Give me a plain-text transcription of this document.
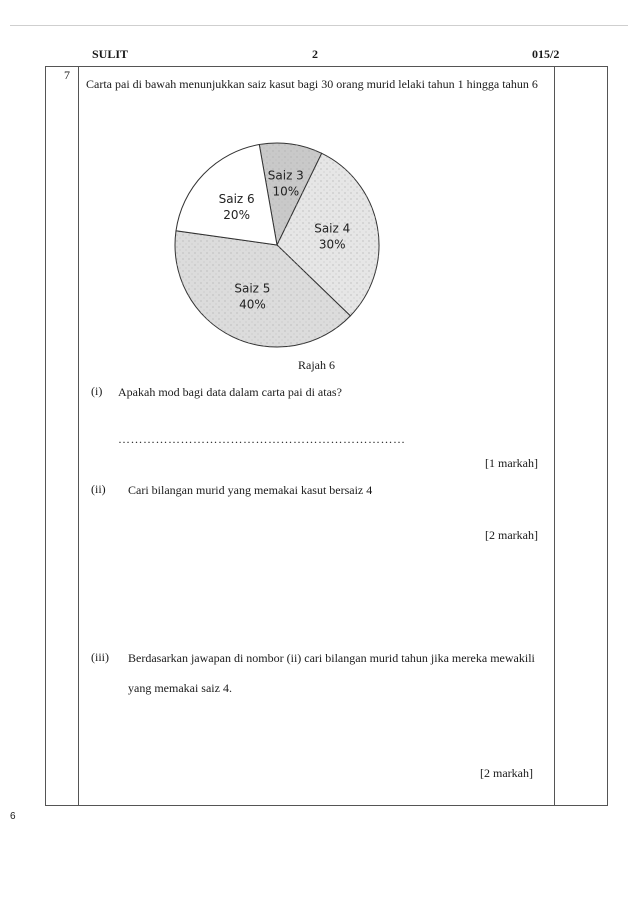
SULIT	2	015/2
7
Carta pai di bawah menunjukkan saiz kasut bagi 30 orang murid lelaki tahun 1 hingga tahun 6
Saiz 3
10%
Saiz 4
30%
Saiz 5
40%
Saiz 6
20%
Rajah 6
(i) Apakah mod bagi data dalam carta pai di atas?
……………………………………………………………
[1 markah]
(ii) Cari bilangan murid yang memakai kasut bersaiz 4
[2 markah]
(iii) Berdasarkan jawapan di nombor (ii) cari bilangan murid tahun jika mereka mewakili yang memakai saiz 4.
[2 markah]
6
